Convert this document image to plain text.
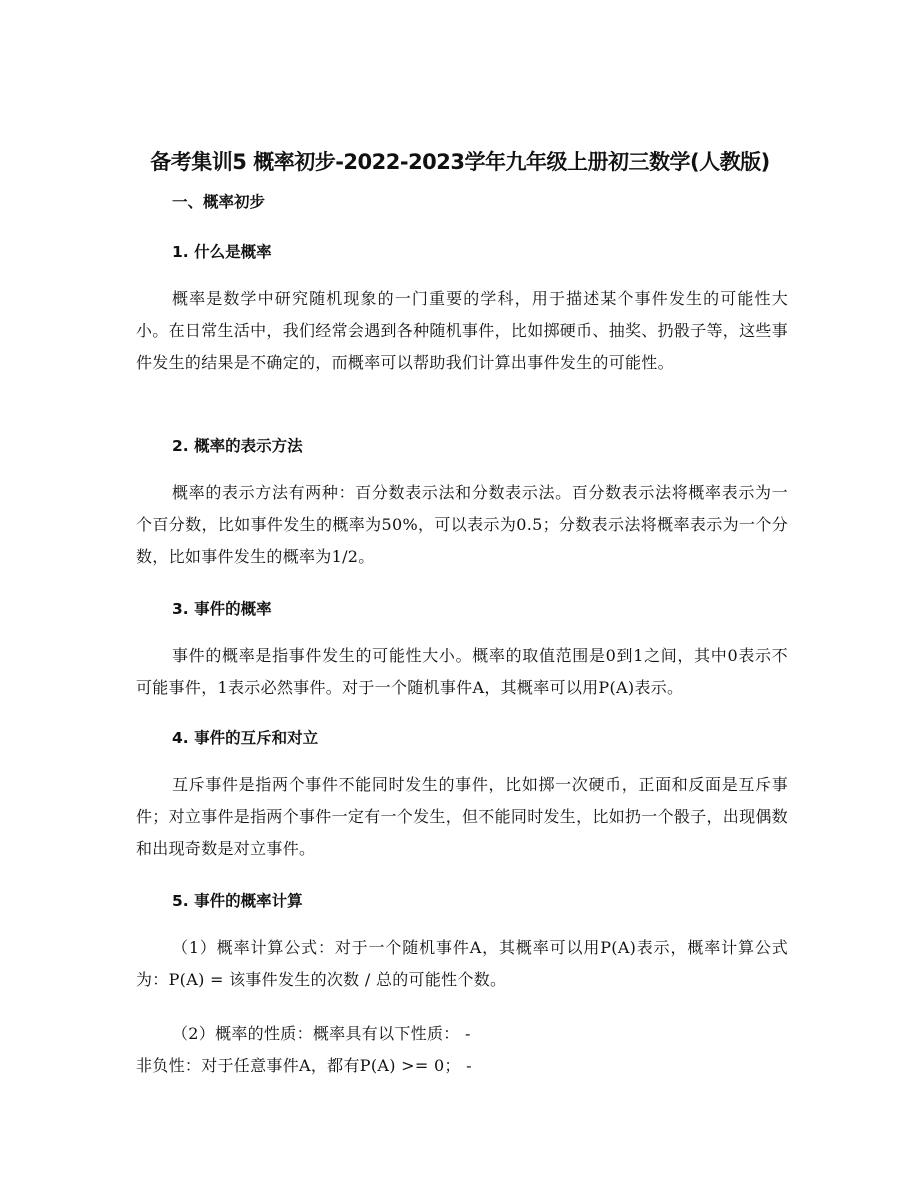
备考集训5 概率初步-2022-2023学年九年级上册初三数学(人教版)
一、概率初步
1. 什么是概率
概率是数学中研究随机现象的一门重要的学科，用于描述某个事件发生的可能性大小。在日常生活中，我们经常会遇到各种随机事件，比如掷硬币、抽奖、扔骰子等，这些事件发生的结果是不确定的，而概率可以帮助我们计算出事件发生的可能性。
2. 概率的表示方法
概率的表示方法有两种：百分数表示法和分数表示法。百分数表示法将概率表示为一个百分数，比如事件发生的概率为50%，可以表示为0.5；分数表示法将概率表示为一个分数，比如事件发生的概率为1/2。
3. 事件的概率
事件的概率是指事件发生的可能性大小。概率的取值范围是0到1之间，其中0表示不可能事件，1表示必然事件。对于一个随机事件A，其概率可以用P(A)表示。
4. 事件的互斥和对立
互斥事件是指两个事件不能同时发生的事件，比如掷一次硬币，正面和反面是互斥事件；对立事件是指两个事件一定有一个发生，但不能同时发生，比如扔一个骰子，出现偶数和出现奇数是对立事件。
5. 事件的概率计算
（1）概率计算公式：对于一个随机事件A，其概率可以用P(A)表示，概率计算公式为：P(A) = 该事件发生的次数 / 总的可能性个数。
（2）概率的性质：概率具有以下性质： -
非负性：对于任意事件A，都有P(A) >= 0； -
